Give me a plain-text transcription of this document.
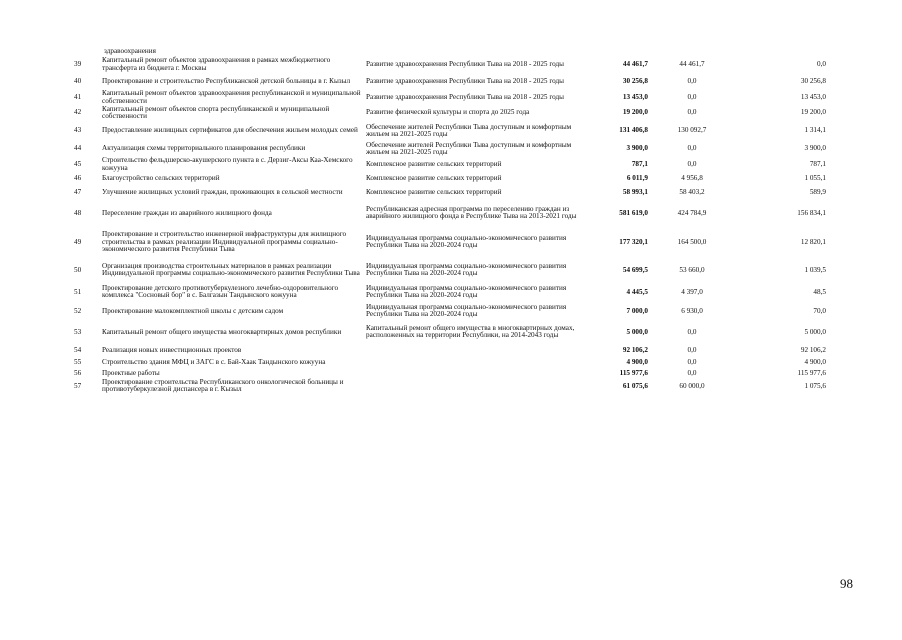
здравоохранения
39	Капитальный ремонт объектов здравоохранения в рамках межбюджетного трансферта из бюджета г. Москвы	Развитие здравоохранения Республики Тыва на 2018 - 2025 годы	44 461,7	44 461,7	0,0
40	Проектирование и строительство Республиканской детской больницы в г. Кызыл	Развитие здравоохранения Республики Тыва на 2018 - 2025 годы	30 256,8	0,0	30 256,8
41	Капитальный ремонт объектов здравоохранения республиканской и муниципальной собственности	Развитие здравоохранения Республики Тыва на 2018 - 2025 годы	13 453,0	0,0	13 453,0
42	Капитальный ремонт объектов спорта республиканской и муниципальной собственности	Развитие физической культуры и спорта до 2025 года	19 200,0	0,0	19 200,0
43	Предоставление жилищных сертификатов для обеспечения жильем молодых семей	Обеспечение жителей Республики Тыва доступным и комфортным жильем на 2021-2025 годы	131 406,8	130 092,7	1 314,1
44	Актуализация схемы территориального планирования республики	Обеспечение жителей Республики Тыва доступным и комфортным жильем на 2021-2025 годы	3 900,0	0,0	3 900,0
45	Строительство фельдшерско-акушерского пункта в с. Дерзиг-Аксы Каа-Хемского кожууна	Комплексное развитие сельских территорий	787,1	0,0	787,1
46	Благоустройство сельских территорий	Комплексное развитие сельских территорий	6 011,9	4 956,8	1 055,1
47	Улучшение жилищных условий граждан, проживающих в сельской местности	Комплексное развитие сельских территорий	58 993,1	58 403,2	589,9
48	Переселение граждан из аварийного жилищного фонда	Республиканская адресная программа по переселению граждан из аварийного жилищного фонда в Республике Тыва на 2013-2021 годы	581 619,0	424 784,9	156 834,1
49	Проектирование и строительство инженерной инфраструктуры для жилищного строительства в рамках реализации Индивидуальной программы социально-экономического развития Республики Тыва	Индивидуальная программа социально-экономического развития Республики Тыва на 2020-2024 годы	177 320,1	164 500,0	12 820,1
50	Организация производства строительных материалов в рамках реализации Индивидуальной программы социально-экономического развития Республики Тыва	Индивидуальная программа социально-экономического развития Республики Тыва на 2020-2024 годы	54 699,5	53 660,0	1 039,5
51	Проектирование детского противотуберкулезного лечебно-оздоровительного комплекса "Сосновый бор" в с. Балгазын Тандынского кожууна	Индивидуальная программа социально-экономического развития Республики Тыва на 2020-2024 годы	4 445,5	4 397,0	48,5
52	Проектирование малокомплектной школы с детским садом	Индивидуальная программа социально-экономического развития Республики Тыва на 2020-2024 годы	7 000,0	6 930,0	70,0
53	Капитальный ремонт общего имущества многоквартирных домов республики	Капитальный ремонт общего имущества в многоквартирных домах, расположенных на территории Республики, на 2014-2043 годы	5 000,0	0,0	5 000,0
54	Реализация новых инвестиционных проектов		92 106,2	0,0	92 106,2
55	Строительство здания МФЦ и ЗАГС в с. Бай-Хаак Тандынского кожууна		4 900,0	0,0	4 900,0
56	Проектные работы		115 977,6	0,0	115 977,6
57	Проектирование строительства Республиканского онкологической больницы и противотуберкулезной диспансера в г. Кызыл		61 075,6	60 000,0	1 075,6
98
